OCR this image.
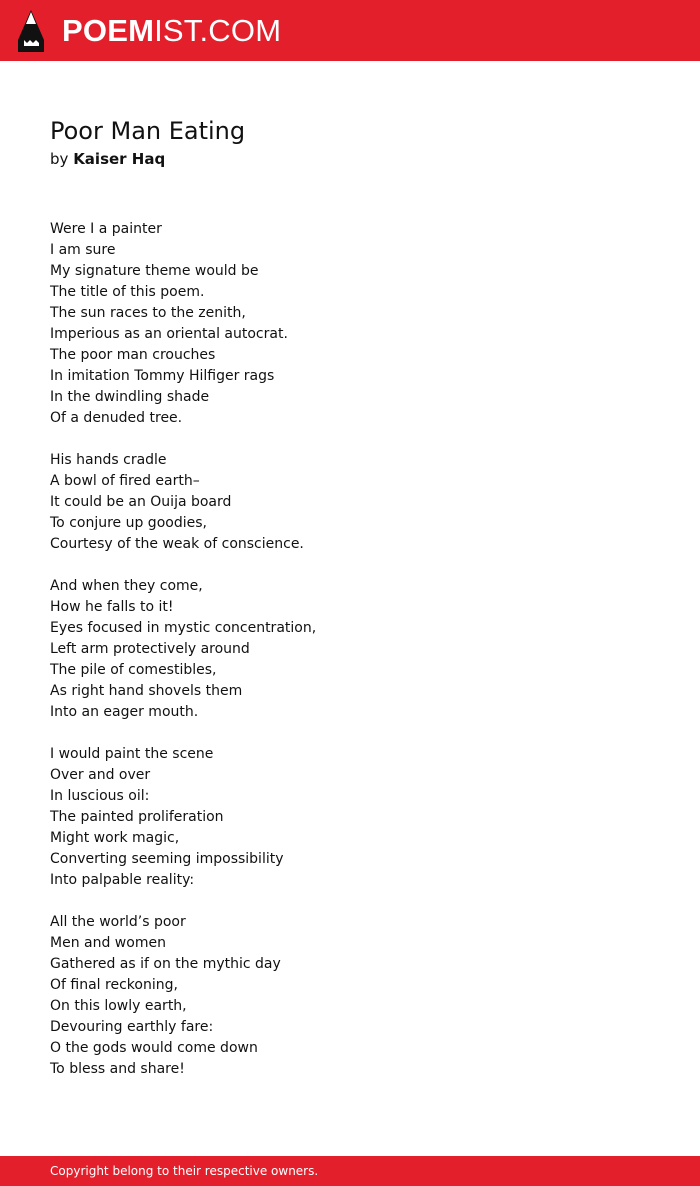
POEMIST.COM
Poor Man Eating
by Kaiser Haq
Were I a painter
I am sure
My signature theme would be
The title of this poem.
The sun races to the zenith,
Imperious as an oriental autocrat.
The poor man crouches
In imitation Tommy Hilfiger rags
In the dwindling shade
Of a denuded tree.
His hands cradle
A bowl of fired earth–
It could be an Ouija board
To conjure up goodies,
Courtesy of the weak of conscience.
And when they come,
How he falls to it!
Eyes focused in mystic concentration,
Left arm protectively around
The pile of comestibles,
As right hand shovels them
Into an eager mouth.
I would paint the scene
Over and over
In luscious oil:
The painted proliferation
Might work magic,
Converting seeming impossibility
Into palpable reality:
All the world’s poor
Men and women
Gathered as if on the mythic day
Of final reckoning,
On this lowly earth,
Devouring earthly fare:
O the gods would come down
To bless and share!
Copyright belong to their respective owners.
